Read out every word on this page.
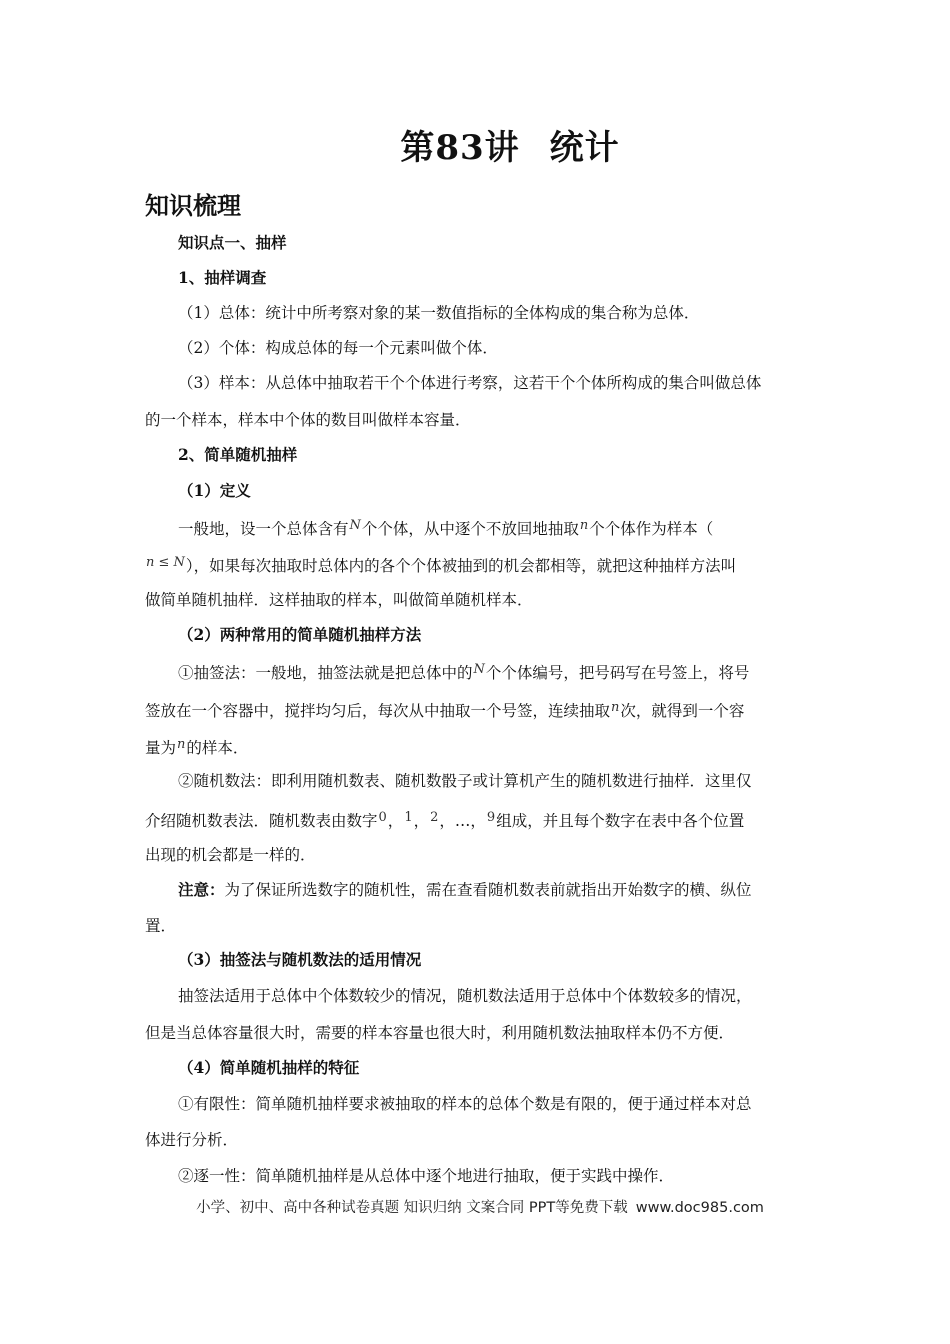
第83讲 统计
知识梳理
知识点一、抽样
1、抽样调查
（1）总体：统计中所考察对象的某一数值指标的全体构成的集合称为总体．
（2）个体：构成总体的每一个元素叫做个体．
（3）样本：从总体中抽取若干个个体进行考察，这若干个个体所构成的集合叫做总体
的一个样本，样本中个体的数目叫做样本容量．
2、简单随机抽样
（1）定义
一般地，设一个总体含有$^N$个个体，从中逐个不放回地抽取$^n$个个体作为样本（
$^{n \le N}$），如果每次抽取时总体内的各个个体被抽到的机会都相等，就把这种抽样方法叫
做简单随机抽样．这样抽取的样本，叫做简单随机样本．
（2）两种常用的简单随机抽样方法
①抽签法：一般地，抽签法就是把总体中的$^N$个个体编号，把号码写在号签上，将号
签放在一个容器中，搅拌均匀后，每次从中抽取一个号签，连续抽取$^n$次，就得到一个容
量为$^n$的样本．
②随机数法：即利用随机数表、随机数骰子或计算机产生的随机数进行抽样．这里仅
介绍随机数表法．随机数表由数字$^0$，$^1$，$^2$，…，$^9$组成，并且每个数字在表中各个位置
出现的机会都是一样的．
注意：为了保证所选数字的随机性，需在查看随机数表前就指出开始数字的横、纵位
置．
（3）抽签法与随机数法的适用情况
抽签法适用于总体中个体数较少的情况，随机数法适用于总体中个体数较多的情况，
但是当总体容量很大时，需要的样本容量也很大时，利用随机数法抽取样本仍不方便．
（4）简单随机抽样的特征
①有限性：简单随机抽样要求被抽取的样本的总体个数是有限的，便于通过样本对总
体进行分析．
②逐一性：简单随机抽样是从总体中逐个地进行抽取，便于实践中操作．
小学、初中、高中各种试卷真题 知识归纳 文案合同 PPT等免费下载 www.doc985.com
